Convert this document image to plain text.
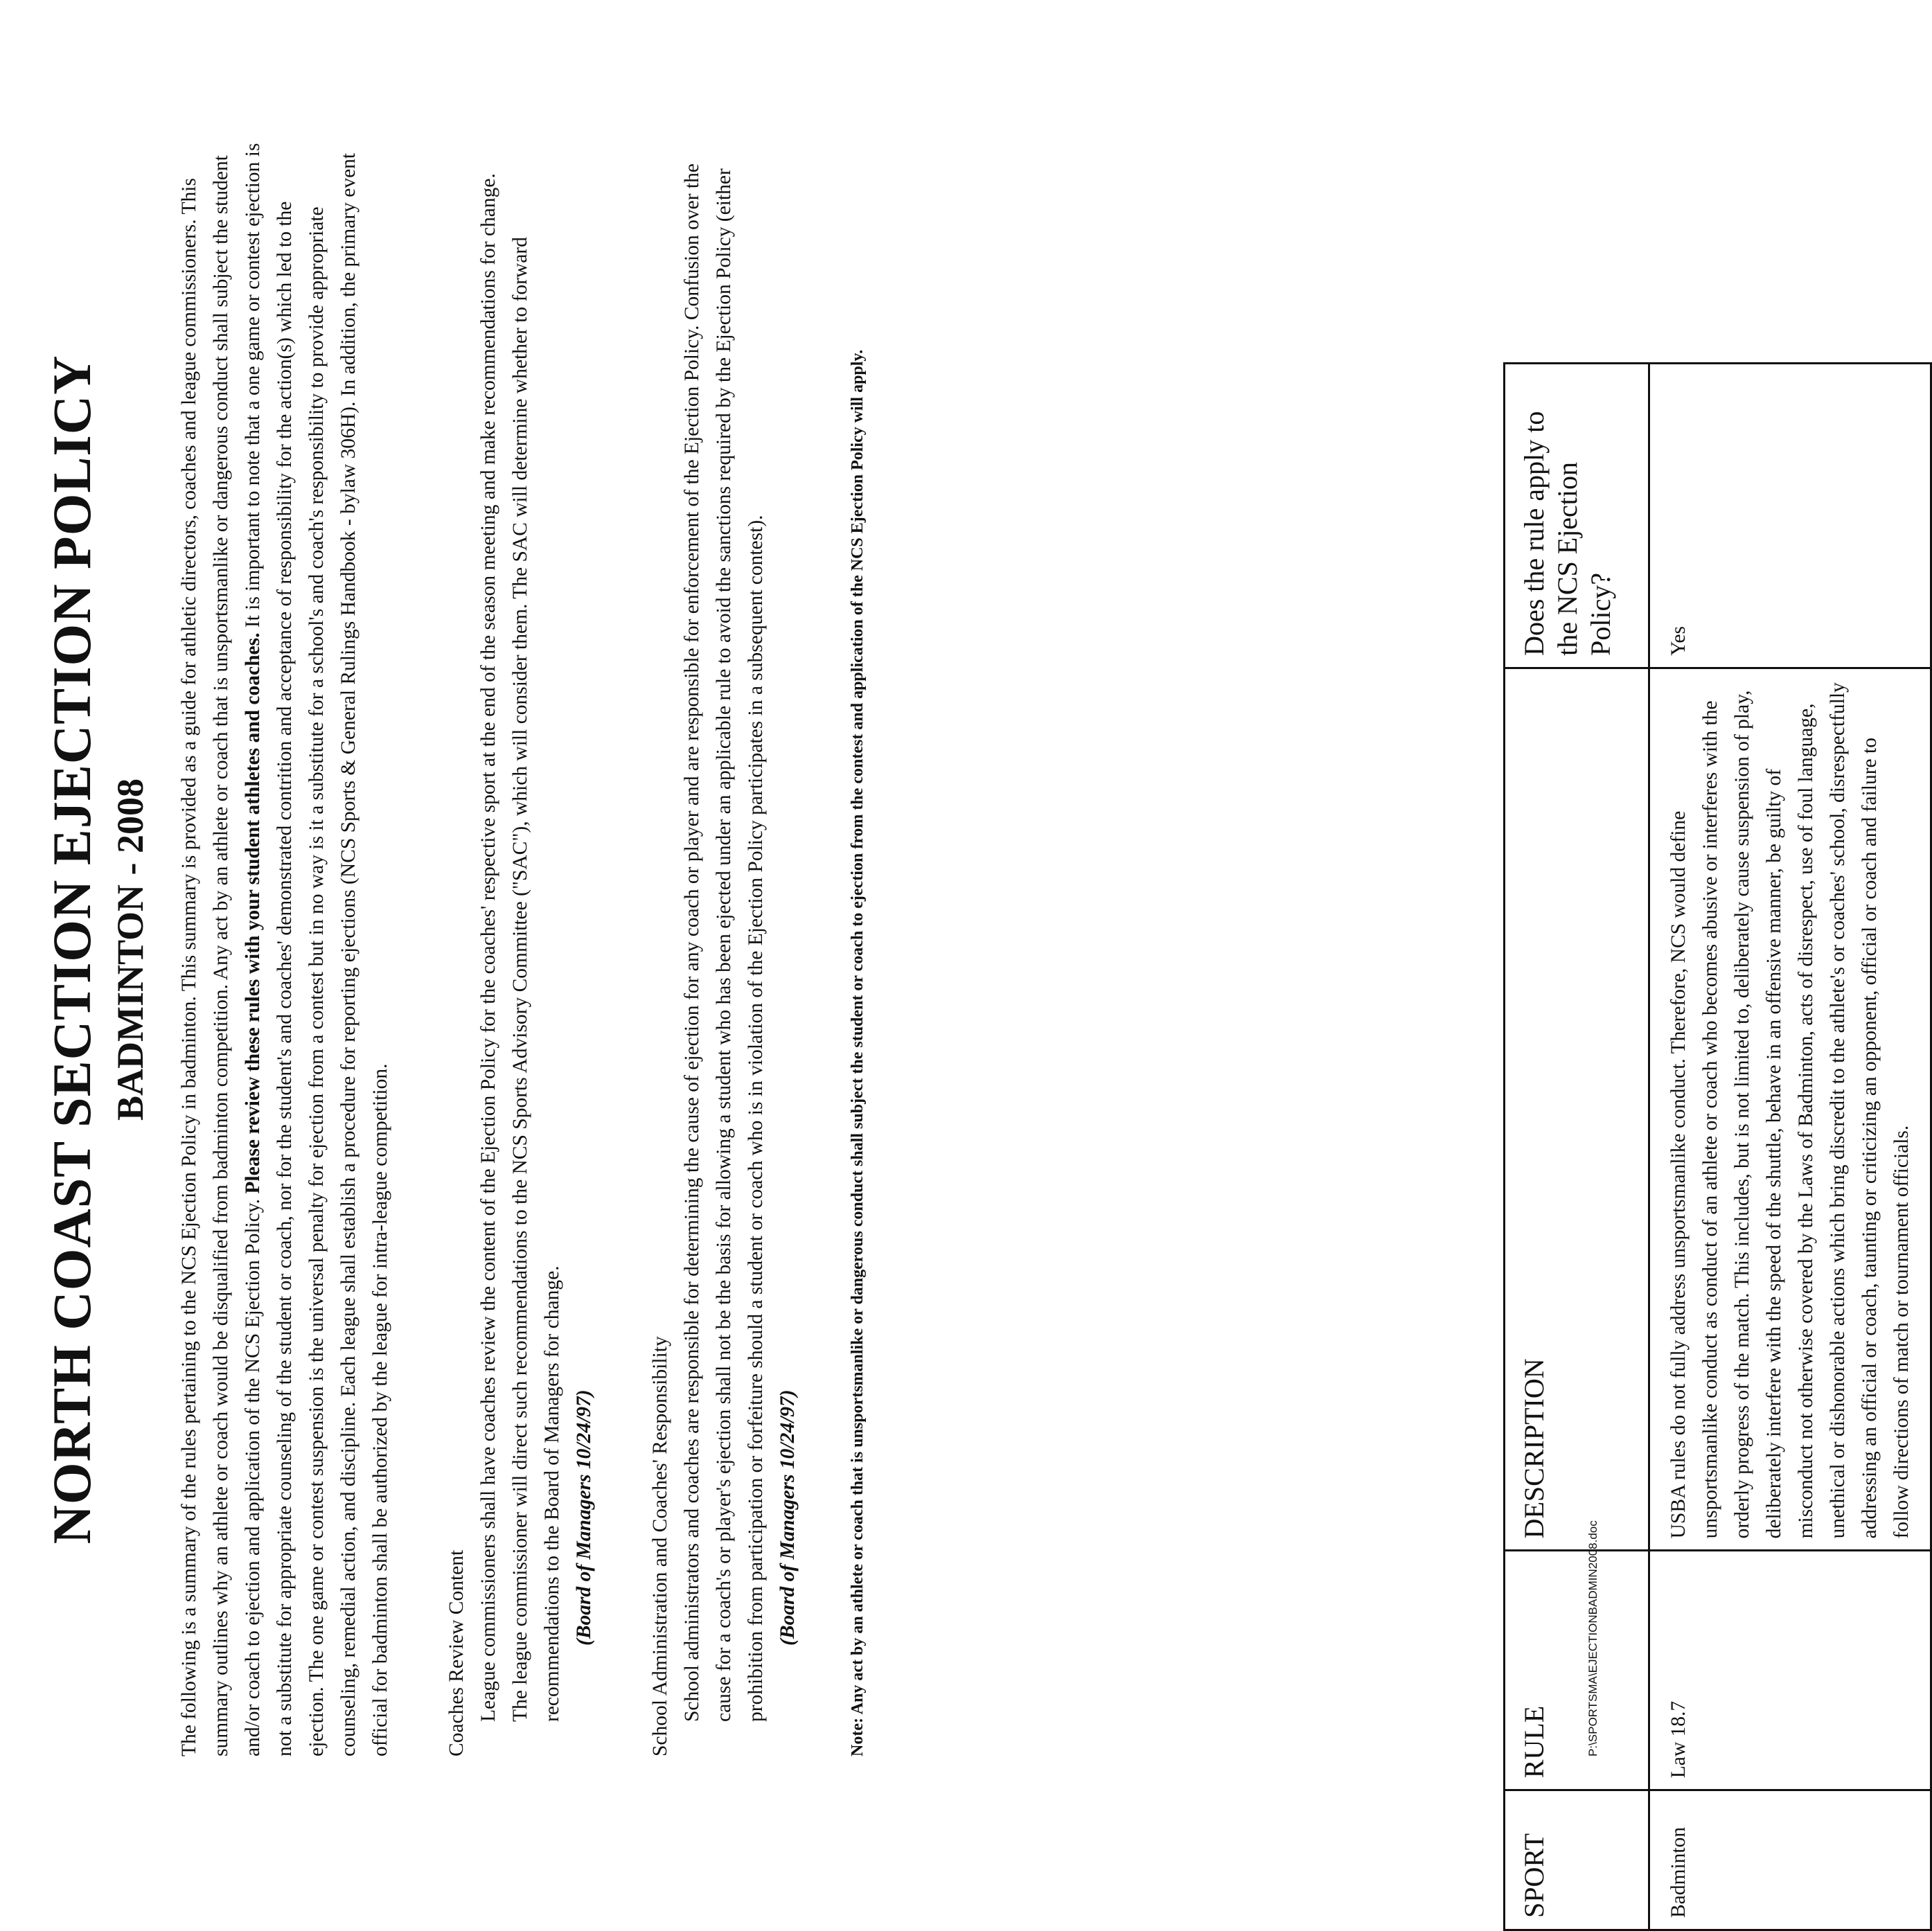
NORTH COAST SECTION EJECTION POLICY BADMINTON - 2008 The following is a summary of the rules pertaining to the NCS Ejection Policy in badminton. This summary is provided as a guide for athletic directors, coaches and league commissioners. This summary outlines why an athlete or coach would be disqualified from badminton competition. Any act by an athlete or coach that is unsportsmanlike or dangerous conduct shall subject the student and/or coach to ejection and application of the NCS Ejection Policy. Please review these rules with your student athletes and coaches. It is important to note that a one game or contest ejection is not a substitute for appropriate counseling of the student or coach, nor for the student's and coaches' demonstrated contrition and acceptance of responsibility for the action(s) which led to the ejection. The one game or contest suspension is the universal penalty for ejection from a contest but in no way is it a substitute for a school's and coach's responsibility to provide appropriate counseling, remedial action, and discipline. Each league shall establish a procedure for reporting ejections (NCS Sports & General Rulings Handbook - bylaw 306H). In addition, the primary event official for badminton shall be authorized by the league for intra-league competition.	Coaches Review Content League commissioners shall have coaches review the content of the Ejection Policy for the coaches' respective sport at the end of the season meeting and make recommendations for change. The league commissioner will direct such recommendations to the NCS Sports Advisory Committee ("SAC"), which will consider them. The SAC will determine whether to forward recommendations to the Board of Managers for change. (Board of Managers 10/24/97)	School Administration and Coaches' Responsibility School administrators and coaches are responsible for determining the cause of ejection for any coach or player and are responsible for enforcement of the Ejection Policy. Confusion over the cause for a coach's or player's ejection shall not be the basis for allowing a student who has been ejected under an applicable rule to avoid the sanctions required by the Ejection Policy (either prohibition from participation or forfeiture should a student or coach who is in violation of the Ejection Policy participates in a subsequent contest). (Board of Managers 10/24/97)	Note: Any act by an athlete or coach that is unsportsmanlike or dangerous conduct shall subject the student or coach to ejection from the contest and application of the NCS Ejection Policy will apply.

SPORT	RULE	DESCRIPTION	Does the rule apply to the NCS Ejection Policy?
Badminton	Law 18.7	USBA rules do not fully address unsportsmanlike conduct. Therefore, NCS would define unsportsmanlike conduct as conduct of an athlete or coach who becomes abusive or interferes with the orderly progress of the match. This includes, but is not limited to, deliberately cause suspension of play, deliberately interfere with the speed of the shuttle, behave in an offensive manner, be guilty of misconduct not otherwise covered by the Laws of Badminton, acts of disrespect, use of foul language, unethical or dishonorable actions which bring discredit to the athlete's or coaches' school, disrespectfully addressing an official or coach, taunting or criticizing an opponent, official or coach and failure to follow directions of match or tournament officials.	Yes
P:\SPORTSMA\EJECTIONBADMIN2008.doc
